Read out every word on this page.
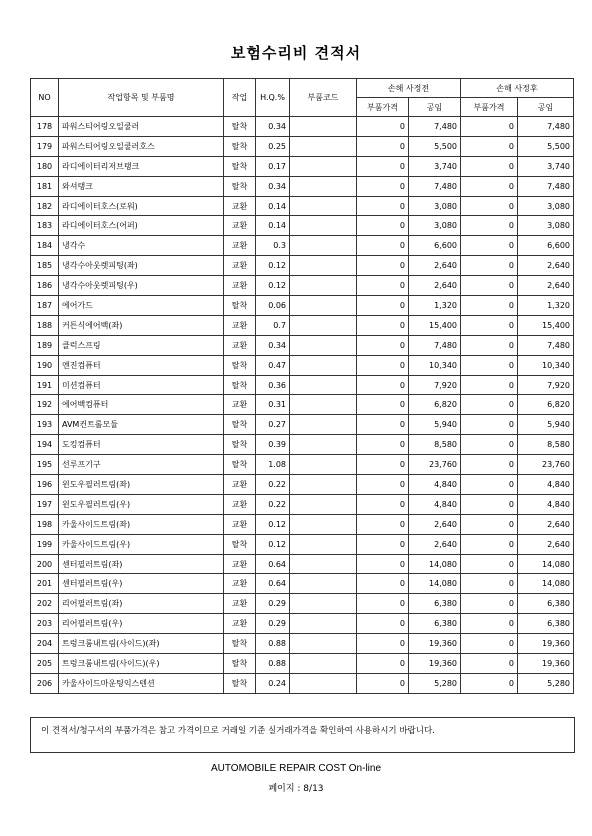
보험수리비 견적서
NO	작업항목 및 부품명	작업	H.Q.%	부품코드	손해 사정전		손해 사정후	
					부품가격	공임	부품가격	공임
178	파워스티어링오일쿨러	탈착	0.34		0	7,480	0	7,480
179	파워스티어링오일쿨러호스	탈착	0.25		0	5,500	0	5,500
180	라디에이터리저브탱크	탈착	0.17		0	3,740	0	3,740
181	와셔탱크	탈착	0.34		0	7,480	0	7,480
182	라디에이터호스(로워)	교환	0.14		0	3,080	0	3,080
183	라디에이터호스(어퍼)	교환	0.14		0	3,080	0	3,080
184	냉각수	교환	0.3		0	6,600	0	6,600
185	냉각수아웃렛피팅(좌)	교환	0.12		0	2,640	0	2,640
186	냉각수아웃렛피팅(우)	교환	0.12		0	2,640	0	2,640
187	에어가드	탈착	0.06		0	1,320	0	1,320
188	커튼식에어백(좌)	교환	0.7		0	15,400	0	15,400
189	클럭스프링	교환	0.34		0	7,480	0	7,480
190	엔진컴퓨터	탈착	0.47		0	10,340	0	10,340
191	미션컴퓨터	탈착	0.36		0	7,920	0	7,920
192	에어백컴퓨터	교환	0.31		0	6,820	0	6,820
193	AVM컨트롤모듈	탈착	0.27		0	5,940	0	5,940
194	도킹컴퓨터	탈착	0.39		0	8,580	0	8,580
195	선루프기구	탈착	1.08		0	23,760	0	23,760
196	윈도우필러트림(좌)	교환	0.22		0	4,840	0	4,840
197	윈도우필러트림(우)	교환	0.22		0	4,840	0	4,840
198	카울사이드트림(좌)	교환	0.12		0	2,640	0	2,640
199	카울사이드트림(우)	탈착	0.12		0	2,640	0	2,640
200	센터필러트림(좌)	교환	0.64		0	14,080	0	14,080
201	센터필러트림(우)	교환	0.64		0	14,080	0	14,080
202	리어필러트림(좌)	교환	0.29		0	6,380	0	6,380
203	리어필러트림(우)	교환	0.29		0	6,380	0	6,380
204	트렁크룸내트림(사이드)(좌)	탈착	0.88		0	19,360	0	19,360
205	트렁크룸내트림(사이드)(우)	탈착	0.88		0	19,360	0	19,360
206	카울사이드마운팅익스텐션	탈착	0.24		0	5,280	0	5,280
이 견적서/청구서의 부품가격은 참고 가격이므로 거래일 기준 실거래가격을 확인하여 사용하시기 바랍니다.
AUTOMOBILE REPAIR COST On-line
페이지 : 8/13
